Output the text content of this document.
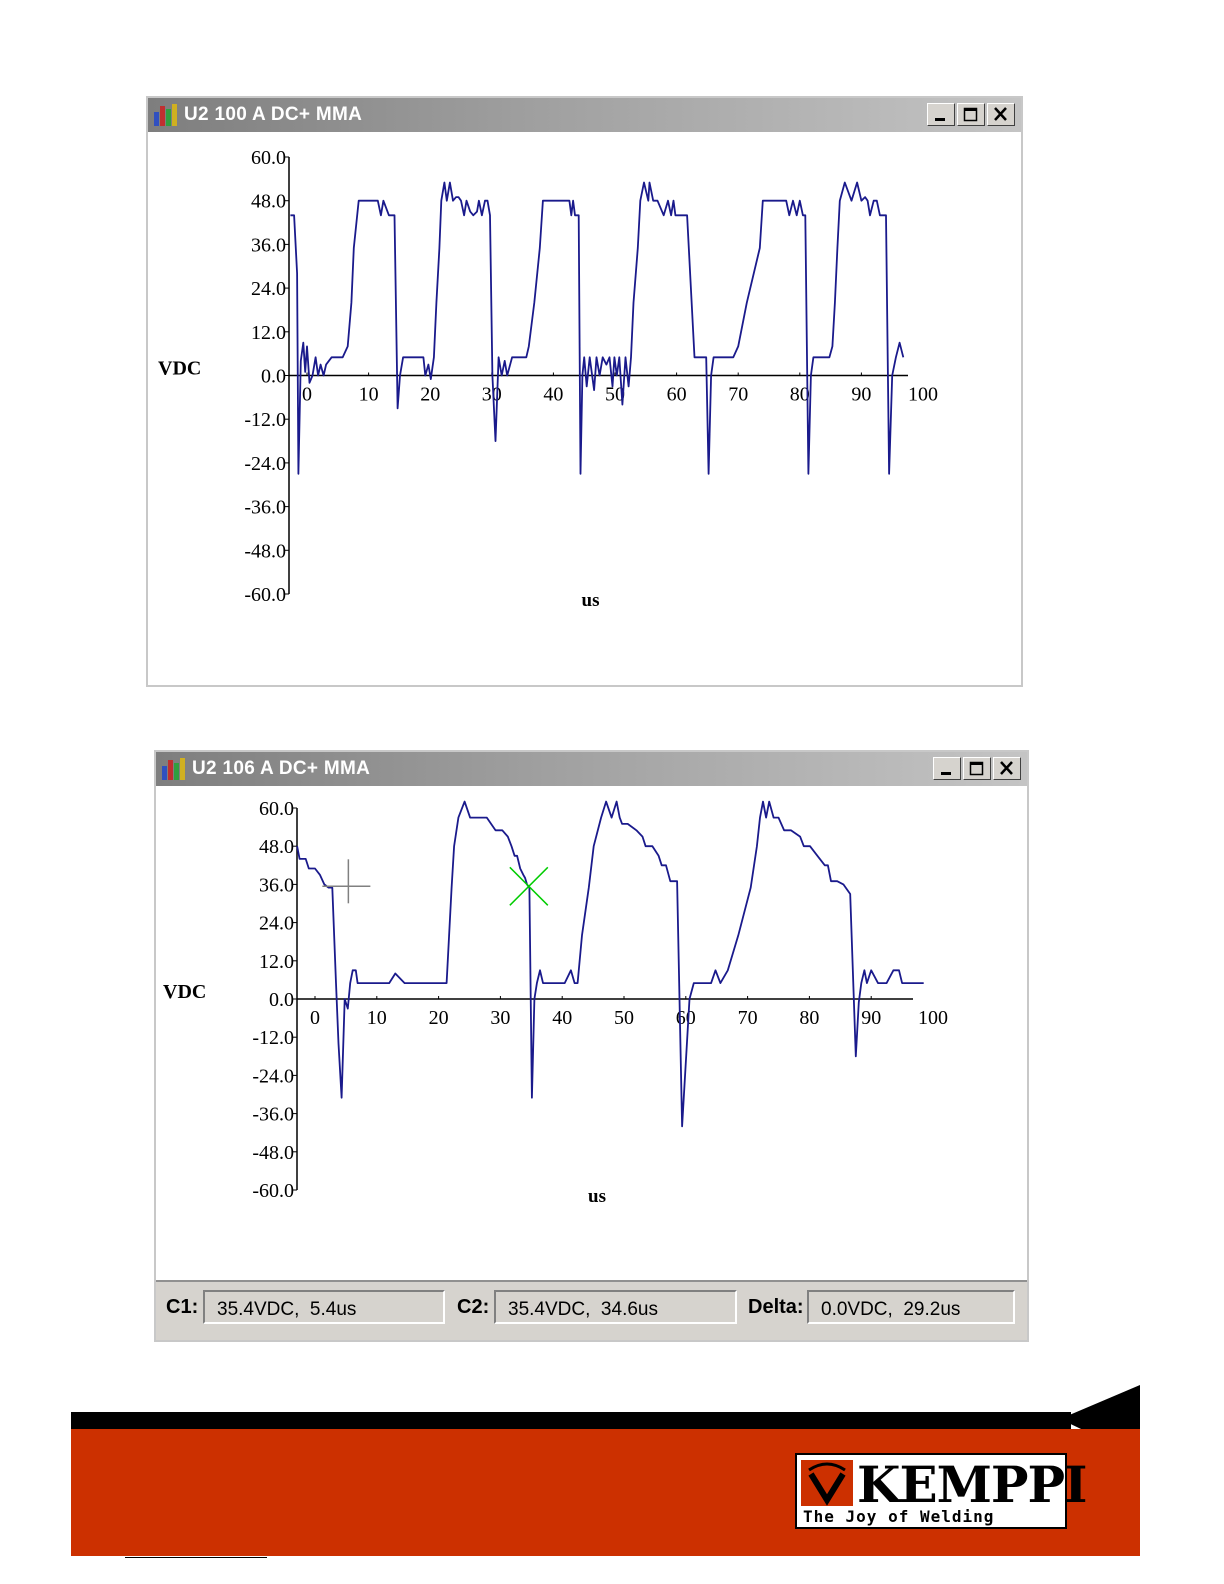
U2 100 A DC+ MMA
60.0
48.0
36.0
24.0
12.0
0.0
-12.0
-24.0
-36.0
-48.0
-60.0
0 10 20 30 40 50 60 70 80 90 100
VDC
us
U2 106 A DC+ MMA
60.0
48.0
36.0
24.0
12.0
0.0
-12.0
-24.0
-36.0
-48.0
-60.0
0 10 20 30 40 50 60 70 80 90 100
VDC
us
C1: 35.4VDC,  5.4us	C2: 35.4VDC,  34.6us	Delta: 0.0VDC,  29.2us
KEMPPI
The Joy of Welding
